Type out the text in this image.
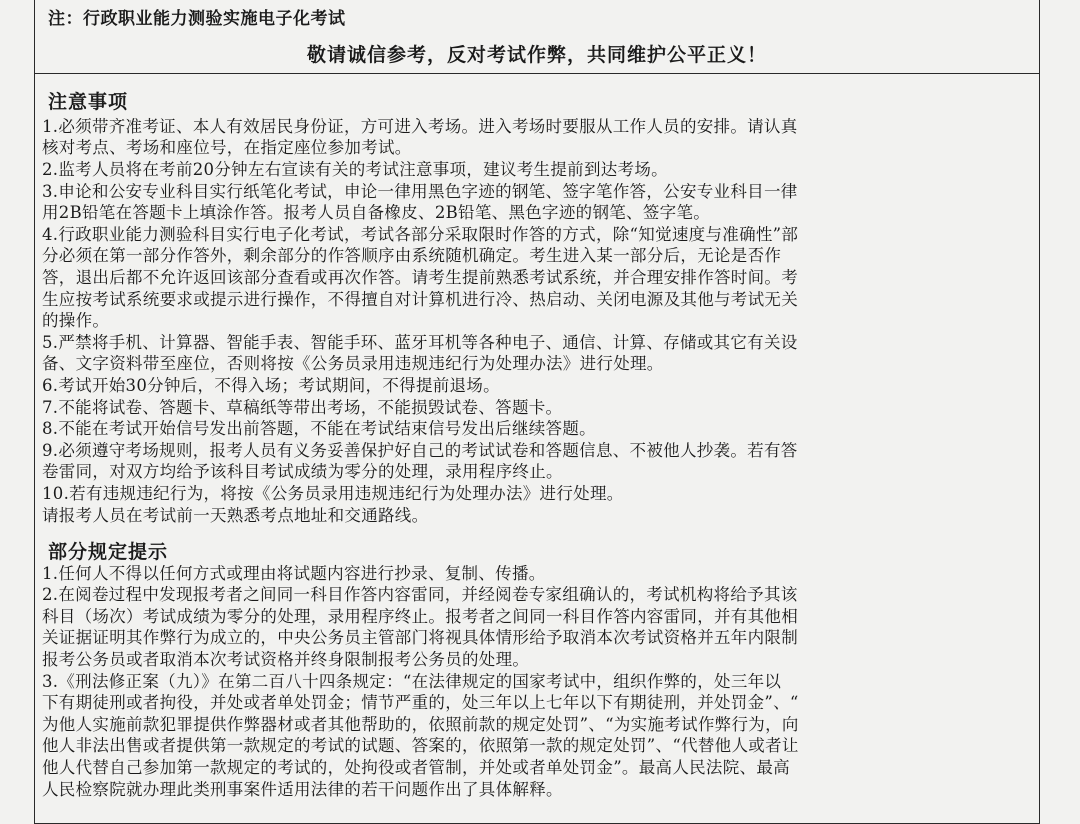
注：行政职业能力测验实施电子化考试
敬请诚信参考，反对考试作弊，共同维护公平正义！
注意事项
1.必须带齐准考证、本人有效居民身份证，方可进入考场。进入考场时要服从工作人员的安排。请认真
核对考点、考场和座位号，在指定座位参加考试。
2.监考人员将在考前20分钟左右宣读有关的考试注意事项，建议考生提前到达考场。
3.申论和公安专业科目实行纸笔化考试，申论一律用黑色字迹的钢笔、签字笔作答，公安专业科目一律
用2B铅笔在答题卡上填涂作答。报考人员自备橡皮、2B铅笔、黑色字迹的钢笔、签字笔。
4.行政职业能力测验科目实行电子化考试，考试各部分采取限时作答的方式，除“知觉速度与准确性”部
分必须在第一部分作答外，剩余部分的作答顺序由系统随机确定。考生进入某一部分后，无论是否作
答，退出后都不允许返回该部分查看或再次作答。请考生提前熟悉考试系统，并合理安排作答时间。考
生应按考试系统要求或提示进行操作，不得擅自对计算机进行冷、热启动、关闭电源及其他与考试无关
的操作。
5.严禁将手机、计算器、智能手表、智能手环、蓝牙耳机等各种电子、通信、计算、存储或其它有关设
备、文字资料带至座位，否则将按《公务员录用违规违纪行为处理办法》进行处理。
6.考试开始30分钟后，不得入场；考试期间，不得提前退场。
7.不能将试卷、答题卡、草稿纸等带出考场，不能损毁试卷、答题卡。
8.不能在考试开始信号发出前答题，不能在考试结束信号发出后继续答题。
9.必须遵守考场规则，报考人员有义务妥善保护好自己的考试试卷和答题信息、不被他人抄袭。若有答
卷雷同，对双方均给予该科目考试成绩为零分的处理，录用程序终止。
10.若有违规违纪行为，将按《公务员录用违规违纪行为处理办法》进行处理。
请报考人员在考试前一天熟悉考点地址和交通路线。
部分规定提示
1.任何人不得以任何方式或理由将试题内容进行抄录、复制、传播。
2.在阅卷过程中发现报考者之间同一科目作答内容雷同，并经阅卷专家组确认的，考试机构将给予其该
科目（场次）考试成绩为零分的处理，录用程序终止。报考者之间同一科目作答内容雷同，并有其他相
关证据证明其作弊行为成立的，中央公务员主管部门将视具体情形给予取消本次考试资格并五年内限制
报考公务员或者取消本次考试资格并终身限制报考公务员的处理。
3.《刑法修正案（九）》在第二百八十四条规定：“在法律规定的国家考试中，组织作弊的，处三年以
下有期徒刑或者拘役，并处或者单处罚金；情节严重的，处三年以上七年以下有期徒刑，并处罚金”、“
为他人实施前款犯罪提供作弊器材或者其他帮助的，依照前款的规定处罚”、“为实施考试作弊行为，向
他人非法出售或者提供第一款规定的考试的试题、答案的，依照第一款的规定处罚”、“代替他人或者让
他人代替自己参加第一款规定的考试的，处拘役或者管制，并处或者单处罚金”。最高人民法院、最高
人民检察院就办理此类刑事案件适用法律的若干问题作出了具体解释。
